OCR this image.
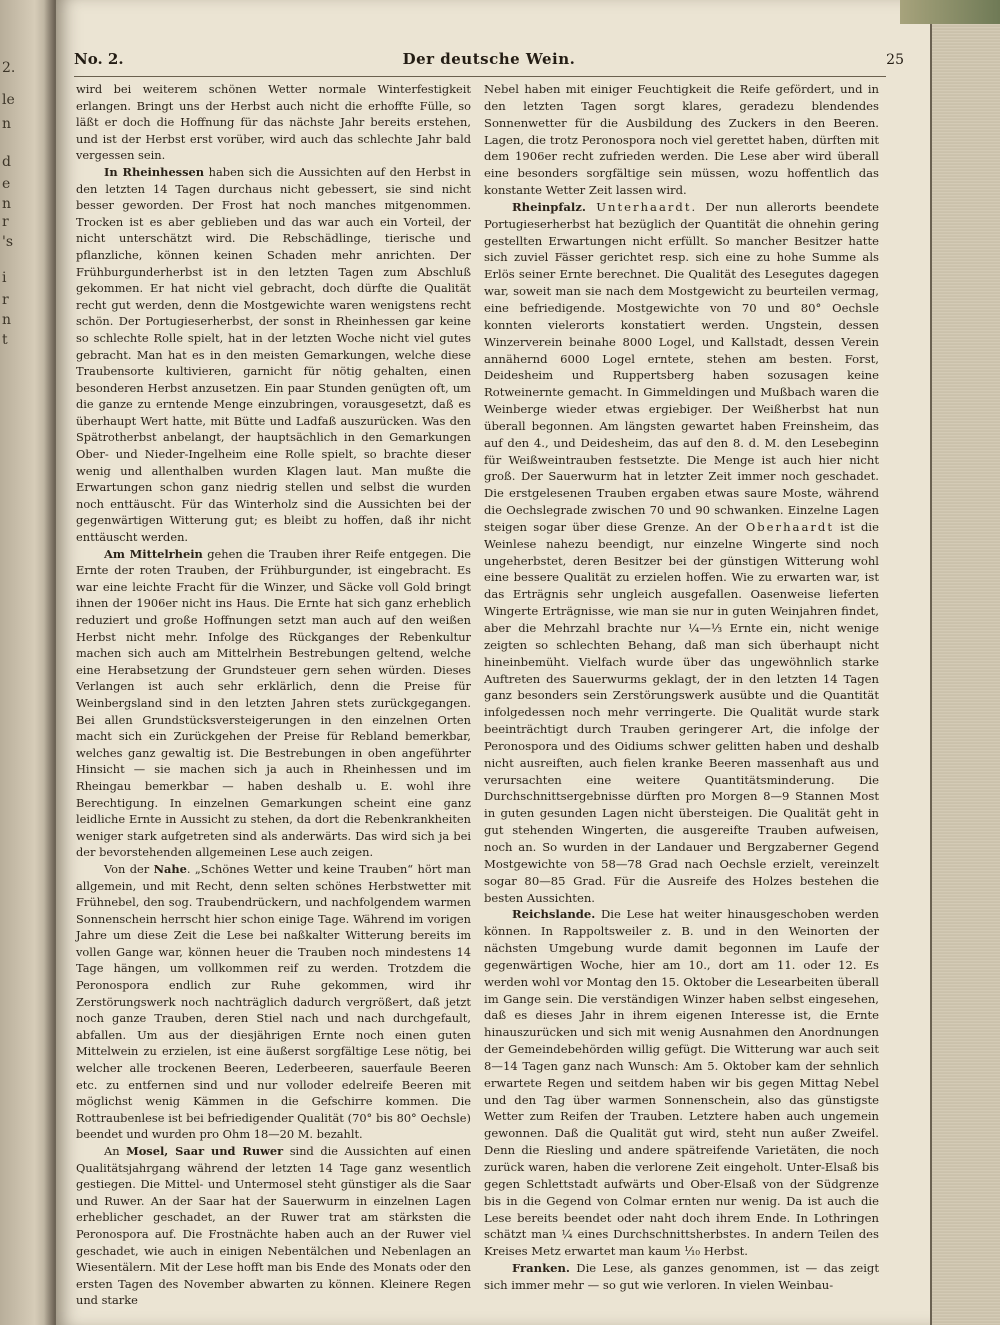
2.
le
n
d
e
n
r
's
i
r
n
t
Der deutsche Wein.
No. 2.	25

wird bei weiterem schönen Wetter normale Winterfestigkeit erlangen. Bringt uns der Herbst auch nicht die erhoffte Fülle, so läßt er doch die Hoffnung für das nächste Jahr bereits erstehen, und ist der Herbst erst vorüber, wird auch das schlechte Jahr bald vergessen sein.

In Rheinhessen haben sich die Aussichten auf den Herbst in den letzten 14 Tagen durchaus nicht gebessert, sie sind nicht besser geworden. Der Frost hat noch manches mitgenommen. Trocken ist es aber geblieben und das war auch ein Vorteil, der nicht unterschätzt wird. Die Rebschädlinge, tierische und pflanzliche, können keinen Schaden mehr anrichten. Der Frühburgunderherbst ist in den letzten Tagen zum Abschluß gekommen. Er hat nicht viel gebracht, doch dürfte die Qualität recht gut werden, denn die Mostgewichte waren wenigstens recht schön. Der Portugieserherbst, der sonst in Rheinhessen gar keine so schlechte Rolle spielt, hat in der letzten Woche nicht viel gutes gebracht. Man hat es in den meisten Gemarkungen, welche diese Traubensorte kultivieren, garnicht für nötig gehalten, einen besonderen Herbst anzusetzen. Ein paar Stunden genügten oft, um die ganze zu erntende Menge einzubringen, vorausgesetzt, daß es überhaupt Wert hatte, mit Bütte und Ladfaß auszurücken. Was den Spätrotherbst anbelangt, der hauptsächlich in den Gemarkungen Ober- und Nieder-Ingelheim eine Rolle spielt, so brachte dieser wenig und allenthalben wurden Klagen laut. Man mußte die Erwartungen schon ganz niedrig stellen und selbst die wurden noch enttäuscht. Für das Winterholz sind die Aussichten bei der gegenwärtigen Witterung gut; es bleibt zu hoffen, daß ihr nicht enttäuscht werden.

Am Mittelrhein gehen die Trauben ihrer Reife entgegen. Die Ernte der roten Trauben, der Frühburgunder, ist eingebracht. Es war eine leichte Fracht für die Winzer, und Säcke voll Gold bringt ihnen der 1906er nicht ins Haus. Die Ernte hat sich ganz erheblich reduziert und große Hoffnungen setzt man auch auf den weißen Herbst nicht mehr. Infolge des Rückganges der Rebenkultur machen sich auch am Mittelrhein Bestrebungen geltend, welche eine Herabsetzung der Grundsteuer gern sehen würden. Dieses Verlangen ist auch sehr erklärlich, denn die Preise für Weinbergsland sind in den letzten Jahren stets zurückgegangen. Bei allen Grundstücksversteigerungen in den einzelnen Orten macht sich ein Zurückgehen der Preise für Rebland bemerkbar, welches ganz gewaltig ist. Die Bestrebungen in oben angeführter Hinsicht — sie machen sich ja auch in Rheinhessen und im Rheingau bemerkbar — haben deshalb u. E. wohl ihre Berechtigung. In einzelnen Gemarkungen scheint eine ganz leidliche Ernte in Aussicht zu stehen, da dort die Rebenkrankheiten weniger stark aufgetreten sind als anderwärts. Das wird sich ja bei der bevorstehenden allgemeinen Lese auch zeigen.

Von der Nahe. „Schönes Wetter und keine Trauben“ hört man allgemein, und mit Recht, denn selten schönes Herbstwetter mit Frühnebel, den sog. Traubendrückern, und nachfolgendem warmen Sonnenschein herrscht hier schon einige Tage. Während im vorigen Jahre um diese Zeit die Lese bei naßkalter Witterung bereits im vollen Gange war, können heuer die Trauben noch mindestens 14 Tage hängen, um vollkommen reif zu werden. Trotzdem die Peronospora endlich zur Ruhe gekommen, wird ihr Zerstörungswerk noch nachträglich dadurch vergrößert, daß jetzt noch ganze Trauben, deren Stiel nach und nach durchgefault, abfallen. Um aus der diesjährigen Ernte noch einen guten Mittelwein zu erzielen, ist eine äußerst sorgfältige Lese nötig, bei welcher alle trockenen Beeren, Lederbeeren, sauerfaule Beeren etc. zu entfernen sind und nur volloder edelreife Beeren mit möglichst wenig Kämmen in die Gefschirre kommen. Die Rottraubenlese ist bei befriedigender Qualität (70° bis 80° Oechsle) beendet und wurden pro Ohm 18—20 M. bezahlt.

An Mosel, Saar und Ruwer sind die Aussichten auf einen Qualitätsjahrgang während der letzten 14 Tage ganz wesentlich gestiegen. Die Mittel- und Untermosel steht günstiger als die Saar und Ruwer. An der Saar hat der Sauerwurm in einzelnen Lagen erheblicher geschadet, an der Ruwer trat am stärksten die Peronospora auf. Die Frostnächte haben auch an der Ruwer viel geschadet, wie auch in einigen Nebentälchen und Nebenlagen an Wiesentälern. Mit der Lese hofft man bis Ende des Monats oder den ersten Tagen des November abwarten zu können. Kleinere Regen und starke

Nebel haben mit einiger Feuchtigkeit die Reife gefördert, und in den letzten Tagen sorgt klares, geradezu blendendes Sonnenwetter für die Ausbildung des Zuckers in den Beeren. Lagen, die trotz Peronospora noch viel gerettet haben, dürften mit dem 1906er recht zufrieden werden. Die Lese aber wird überall eine besonders sorgfältige sein müssen, wozu hoffentlich das konstante Wetter Zeit lassen wird.

Rheinpfalz. Unterhaardt. Der nun allerorts beendete Portugieserherbst hat bezüglich der Quantität die ohnehin gering gestellten Erwartungen nicht erfüllt. So mancher Besitzer hatte sich zuviel Fässer gerichtet resp. sich eine zu hohe Summe als Erlös seiner Ernte berechnet. Die Qualität des Lesegutes dagegen war, soweit man sie nach dem Mostgewicht zu beurteilen vermag, eine befriedigende. Mostgewichte von 70 und 80° Oechsle konnten vielerorts konstatiert werden. Ungstein, dessen Winzerverein beinahe 8000 Logel, und Kallstadt, dessen Verein annähernd 6000 Logel erntete, stehen am besten. Forst, Deidesheim und Ruppertsberg haben sozusagen keine Rotweinernte gemacht. In Gimmeldingen und Mußbach waren die Weinberge wieder etwas ergiebiger. Der Weißherbst hat nun überall begonnen. Am längsten gewartet haben Freinsheim, das auf den 4., und Deidesheim, das auf den 8. d. M. den Lesebeginn für Weißweintrauben festsetzte. Die Menge ist auch hier nicht groß. Der Sauerwurm hat in letzter Zeit immer noch geschadet. Die erstgelesenen Trauben ergaben etwas saure Moste, während die Oechslegrade zwischen 70 und 90 schwanken. Einzelne Lagen steigen sogar über diese Grenze. An der Oberhaardt ist die Weinlese nahezu beendigt, nur einzelne Wingerte sind noch ungeherbstet, deren Besitzer bei der günstigen Witterung wohl eine bessere Qualität zu erzielen hoffen. Wie zu erwarten war, ist das Erträgnis sehr ungleich ausgefallen. Oasenweise lieferten Wingerte Erträgnisse, wie man sie nur in guten Weinjahren findet, aber die Mehrzahl brachte nur ¼—⅓ Ernte ein, nicht wenige zeigten so schlechten Behang, daß man sich überhaupt nicht hineinbemüht. Vielfach wurde über das ungewöhnlich starke Auftreten des Sauerwurms geklagt, der in den letzten 14 Tagen ganz besonders sein Zerstörungswerk ausübte und die Quantität infolgedessen noch mehr verringerte. Die Qualität wurde stark beeinträchtigt durch Trauben geringerer Art, die infolge der Peronospora und des Oidiums schwer gelitten haben und deshalb nicht ausreiften, auch fielen kranke Beeren massenhaft aus und verursachten eine weitere Quantitätsminderung. Die Durchschnittsergebnisse dürften pro Morgen 8—9 Stannen Most in guten gesunden Lagen nicht übersteigen. Die Qualität geht in gut stehenden Wingerten, die ausgereifte Trauben aufweisen, noch an. So wurden in der Landauer und Bergzaberner Gegend Mostgewichte von 58—78 Grad nach Oechsle erzielt, vereinzelt sogar 80—85 Grad. Für die Ausreife des Holzes bestehen die besten Aussichten.

Reichslande. Die Lese hat weiter hinausgeschoben werden können. In Rappoltsweiler z. B. und in den Weinorten der nächsten Umgebung wurde damit begonnen im Laufe der gegenwärtigen Woche, hier am 10., dort am 11. oder 12. Es werden wohl vor Montag den 15. Oktober die Lesearbeiten überall im Gange sein. Die verständigen Winzer haben selbst eingesehen, daß es dieses Jahr in ihrem eigenen Interesse ist, die Ernte hinauszurücken und sich mit wenig Ausnahmen den Anordnungen der Gemeindebehörden willig gefügt. Die Witterung war auch seit 8—14 Tagen ganz nach Wunsch: Am 5. Oktober kam der sehnlich erwartete Regen und seitdem haben wir bis gegen Mittag Nebel und den Tag über warmen Sonnenschein, also das günstigste Wetter zum Reifen der Trauben. Letztere haben auch ungemein gewonnen. Daß die Qualität gut wird, steht nun außer Zweifel. Denn die Riesling und andere spätreifende Varietäten, die noch zurück waren, haben die verlorene Zeit eingeholt. Unter-Elsaß bis gegen Schlettstadt aufwärts und Ober-Elsaß von der Südgrenze bis in die Gegend von Colmar ernten nur wenig. Da ist auch die Lese bereits beendet oder naht doch ihrem Ende. In Lothringen schätzt man ¼ eines Durchschnittsherbstes. In andern Teilen des Kreises Metz erwartet man kaum ¹⁄₁₀ Herbst.

Franken. Die Lese, als ganzes genommen, ist — das zeigt sich immer mehr — so gut wie verloren. In vielen Weinbau-
